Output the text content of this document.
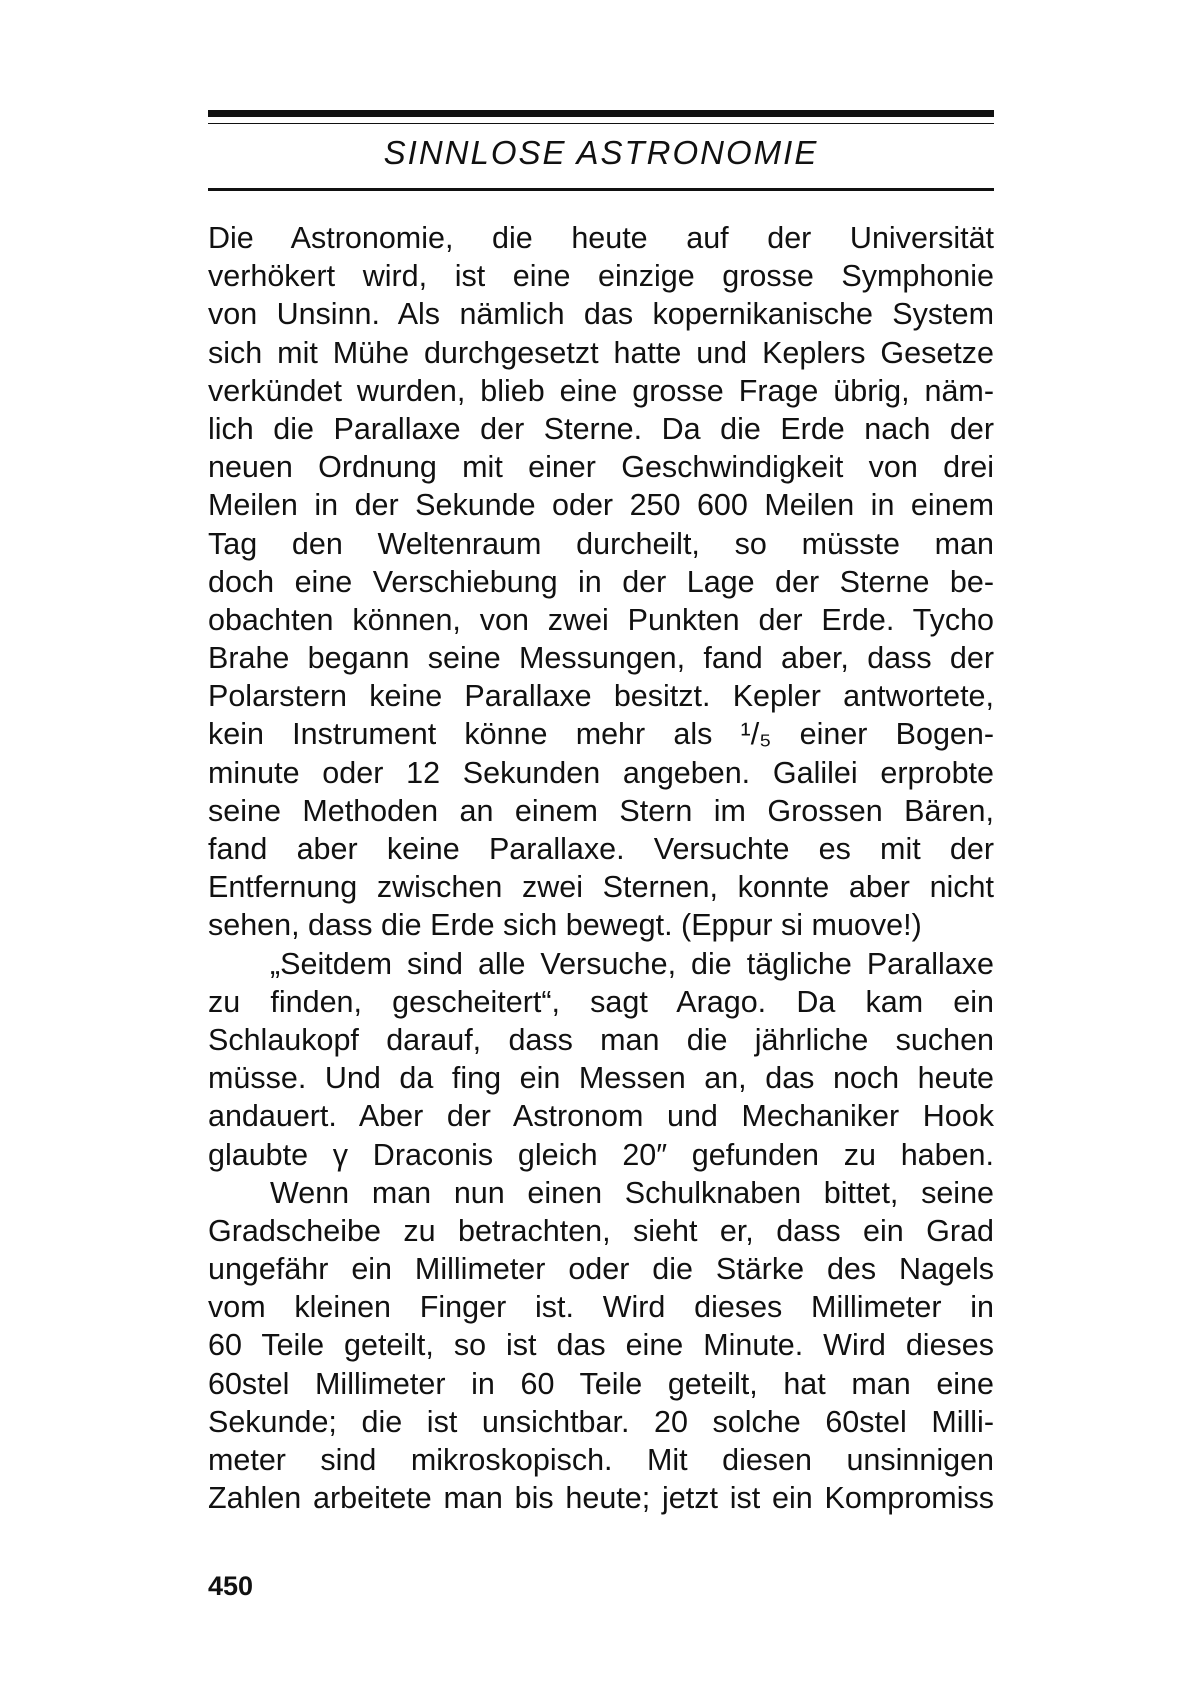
SINNLOSE ASTRONOMIE
Die Astronomie, die heute auf der Universität
verhökert wird, ist eine einzige grosse Symphonie
von Unsinn. Als nämlich das kopernikanische System
sich mit Mühe durchgesetzt hatte und Keplers Gesetze
verkündet wurden, blieb eine grosse Frage übrig, näm-
lich die Parallaxe der Sterne. Da die Erde nach der
neuen Ordnung mit einer Geschwindigkeit von drei
Meilen in der Sekunde oder 250 600 Meilen in einem
Tag den Weltenraum durcheilt, so müsste man
doch eine Verschiebung in der Lage der Sterne be-
obachten können, von zwei Punkten der Erde. Tycho
Brahe begann seine Messungen, fand aber, dass der
Polarstern keine Parallaxe besitzt. Kepler antwortete,
kein Instrument könne mehr als ¹/₅ einer Bogen-
minute oder 12 Sekunden angeben. Galilei erprobte
seine Methoden an einem Stern im Grossen Bären,
fand aber keine Parallaxe. Versuchte es mit der
Entfernung zwischen zwei Sternen, konnte aber nicht
sehen, dass die Erde sich bewegt. (Eppur si muove!)
„Seitdem sind alle Versuche, die tägliche Parallaxe
zu finden, gescheitert“, sagt Arago. Da kam ein
Schlaukopf darauf, dass man die jährliche suchen
müsse. Und da fing ein Messen an, das noch heute
andauert. Aber der Astronom und Mechaniker Hook
glaubte γ Draconis gleich 20″ gefunden zu haben.
Wenn man nun einen Schulknaben bittet, seine
Gradscheibe zu betrachten, sieht er, dass ein Grad
ungefähr ein Millimeter oder die Stärke des Nagels
vom kleinen Finger ist. Wird dieses Millimeter in
60 Teile geteilt, so ist das eine Minute. Wird dieses
60stel Millimeter in 60 Teile geteilt, hat man eine
Sekunde; die ist unsichtbar. 20 solche 60stel Milli-
meter sind mikroskopisch. Mit diesen unsinnigen
Zahlen arbeitete man bis heute; jetzt ist ein Kompromiss
450
